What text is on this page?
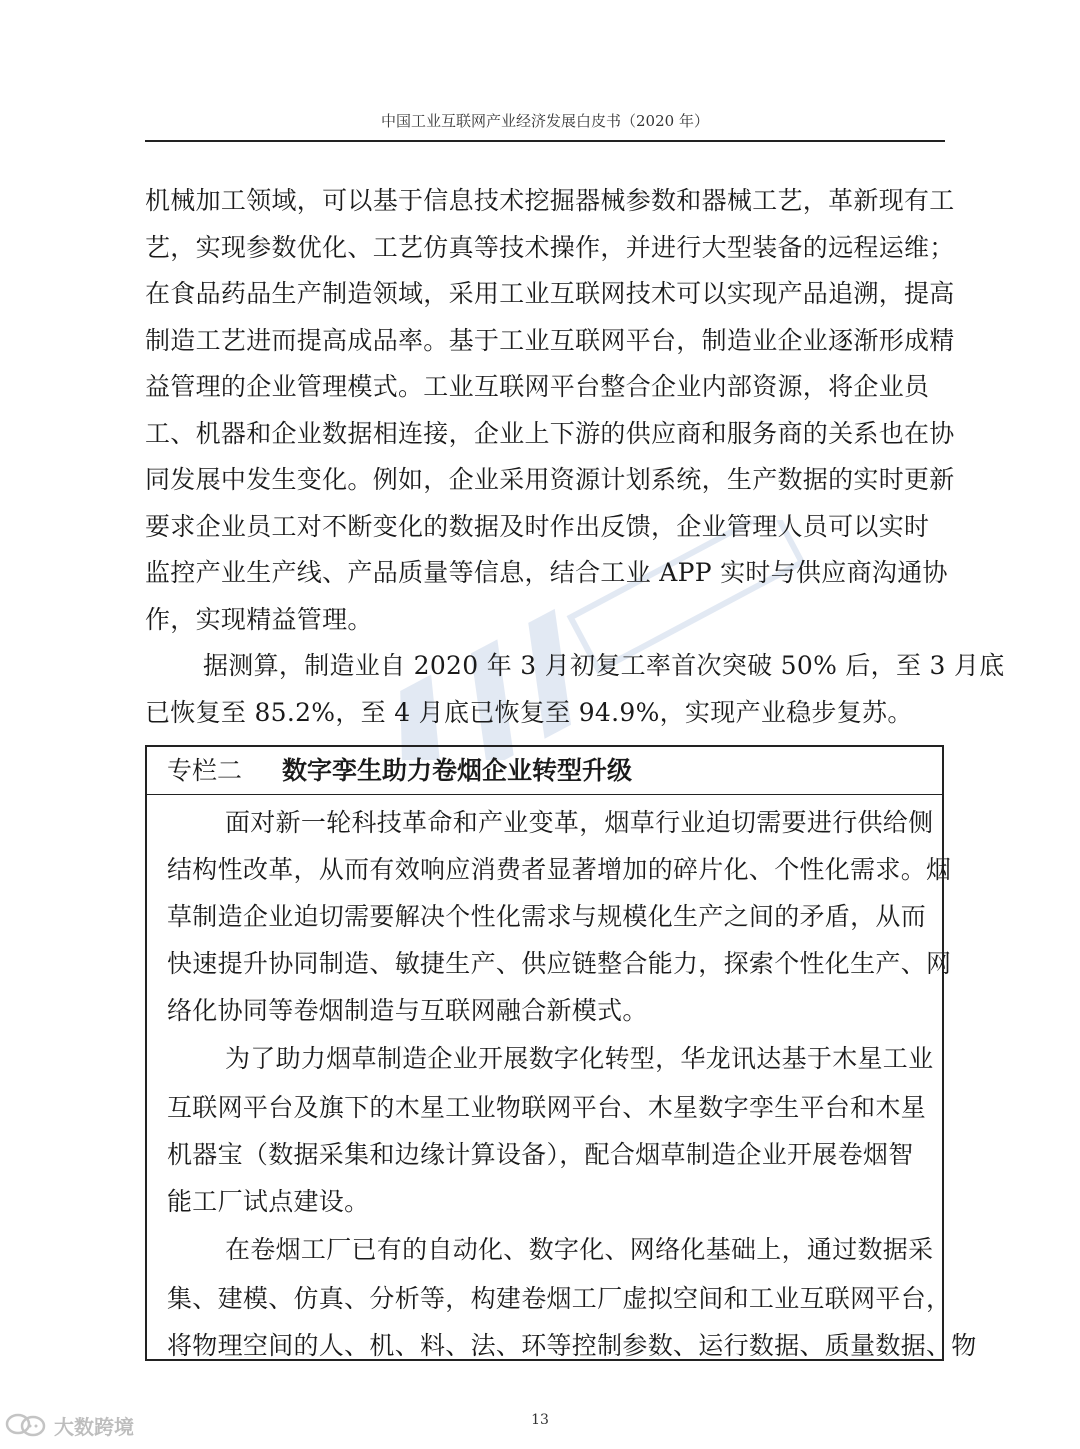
中国工业互联网产业经济发展白皮书（2020 年）
机械加工领域，可以基于信息技术挖掘器械参数和器械工艺，革新现有工
艺，实现参数优化、工艺仿真等技术操作，并进行大型装备的远程运维；
在食品药品生产制造领域，采用工业互联网技术可以实现产品追溯，提高
制造工艺进而提高成品率。基于工业互联网平台，制造业企业逐渐形成精
益管理的企业管理模式。工业互联网平台整合企业内部资源，将企业员
工、机器和企业数据相连接，企业上下游的供应商和服务商的关系也在协
同发展中发生变化。例如，企业采用资源计划系统，生产数据的实时更新
要求企业员工对不断变化的数据及时作出反馈，企业管理人员可以实时
监控产业生产线、产品质量等信息，结合工业 APP 实时与供应商沟通协
作，实现精益管理。
据测算，制造业自 2020 年 3 月初复工率首次突破 50% 后，至 3 月底
已恢复至 85.2%，至 4 月底已恢复至 94.9%，实现产业稳步复苏。
专栏二 数字孪生助力卷烟企业转型升级
面对新一轮科技革命和产业变革，烟草行业迫切需要进行供给侧
结构性改革，从而有效响应消费者显著增加的碎片化、个性化需求。烟
草制造企业迫切需要解决个性化需求与规模化生产之间的矛盾，从而
快速提升协同制造、敏捷生产、供应链整合能力，探索个性化生产、网
络化协同等卷烟制造与互联网融合新模式。
为了助力烟草制造企业开展数字化转型，华龙讯达基于木星工业
互联网平台及旗下的木星工业物联网平台、木星数字孪生平台和木星
机器宝（数据采集和边缘计算设备），配合烟草制造企业开展卷烟智
能工厂试点建设。
在卷烟工厂已有的自动化、数字化、网络化基础上，通过数据采
集、建模、仿真、分析等，构建卷烟工厂虚拟空间和工业互联网平台，
将物理空间的人、机、料、法、环等控制参数、运行数据、质量数据、物
大数跨境	13
